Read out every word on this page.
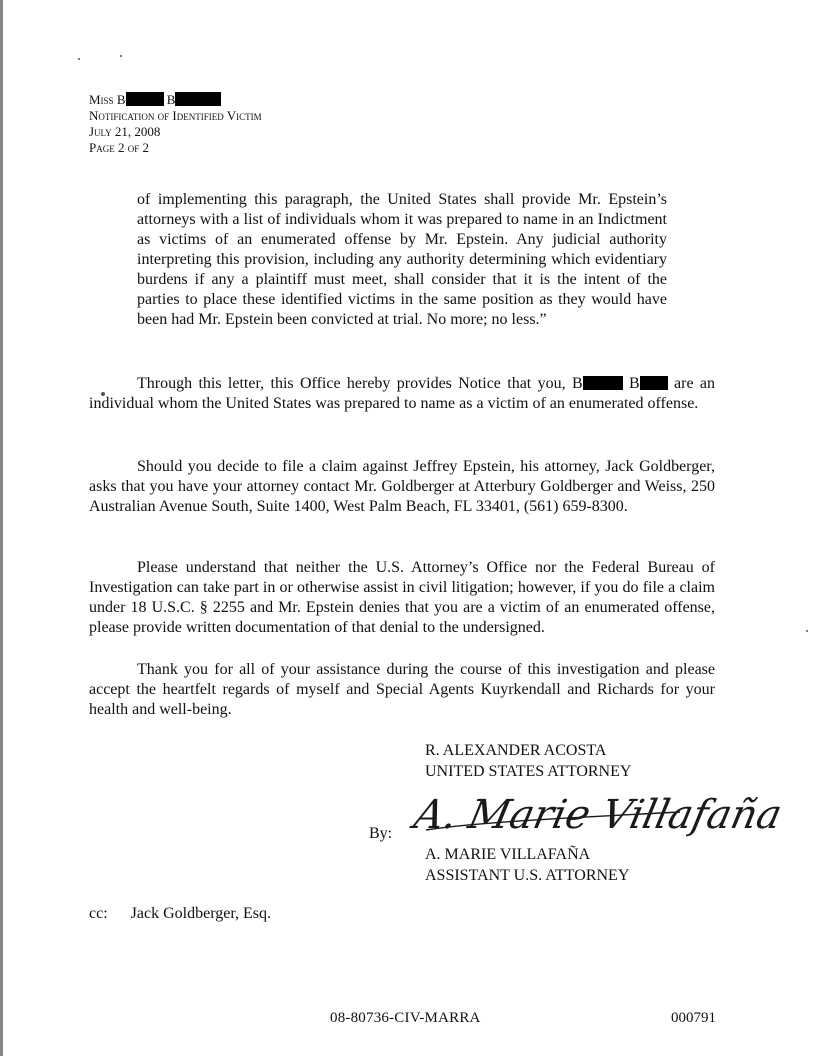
Miss B	B
Notification of Identified Victim
July 21, 2008
Page 2 of 2
of implementing this paragraph, the United States shall provide Mr. Epstein’s attorneys with a list of individuals whom it was prepared to name in an Indictment as victims of an enumerated offense by Mr. Epstein. Any judicial authority interpreting this provision, including any authority determining which evidentiary burdens if any a plaintiff must meet, shall consider that it is the intent of the parties to place these identified victims in the same position as they would have been had Mr. Epstein been convicted at trial. No more; no less.”
Through this letter, this Office hereby provides Notice that you, B	B are an individual whom the United States was prepared to name as a victim of an enumerated offense.
Should you decide to file a claim against Jeffrey Epstein, his attorney, Jack Goldberger, asks that you have your attorney contact Mr. Goldberger at Atterbury Goldberger and Weiss, 250 Australian Avenue South, Suite 1400, West Palm Beach, FL 33401, (561) 659-8300.
Please understand that neither the U.S. Attorney’s Office nor the Federal Bureau of Investigation can take part in or otherwise assist in civil litigation; however, if you do file a claim under 18 U.S.C. § 2255 and Mr. Epstein denies that you are a victim of an enumerated offense, please provide written documentation of that denial to the undersigned.
Thank you for all of your assistance during the course of this investigation and please accept the heartfelt regards of myself and Special Agents Kuyrkendall and Richards for your health and well-being.
R. ALEXANDER ACOSTA
UNITED STATES ATTORNEY
By: A. Marie Villafaña
A. MARIE VILLAFAÑA
ASSISTANT U.S. ATTORNEY
cc: Jack Goldberger, Esq.
08-80736-CIV-MARRA	000791
